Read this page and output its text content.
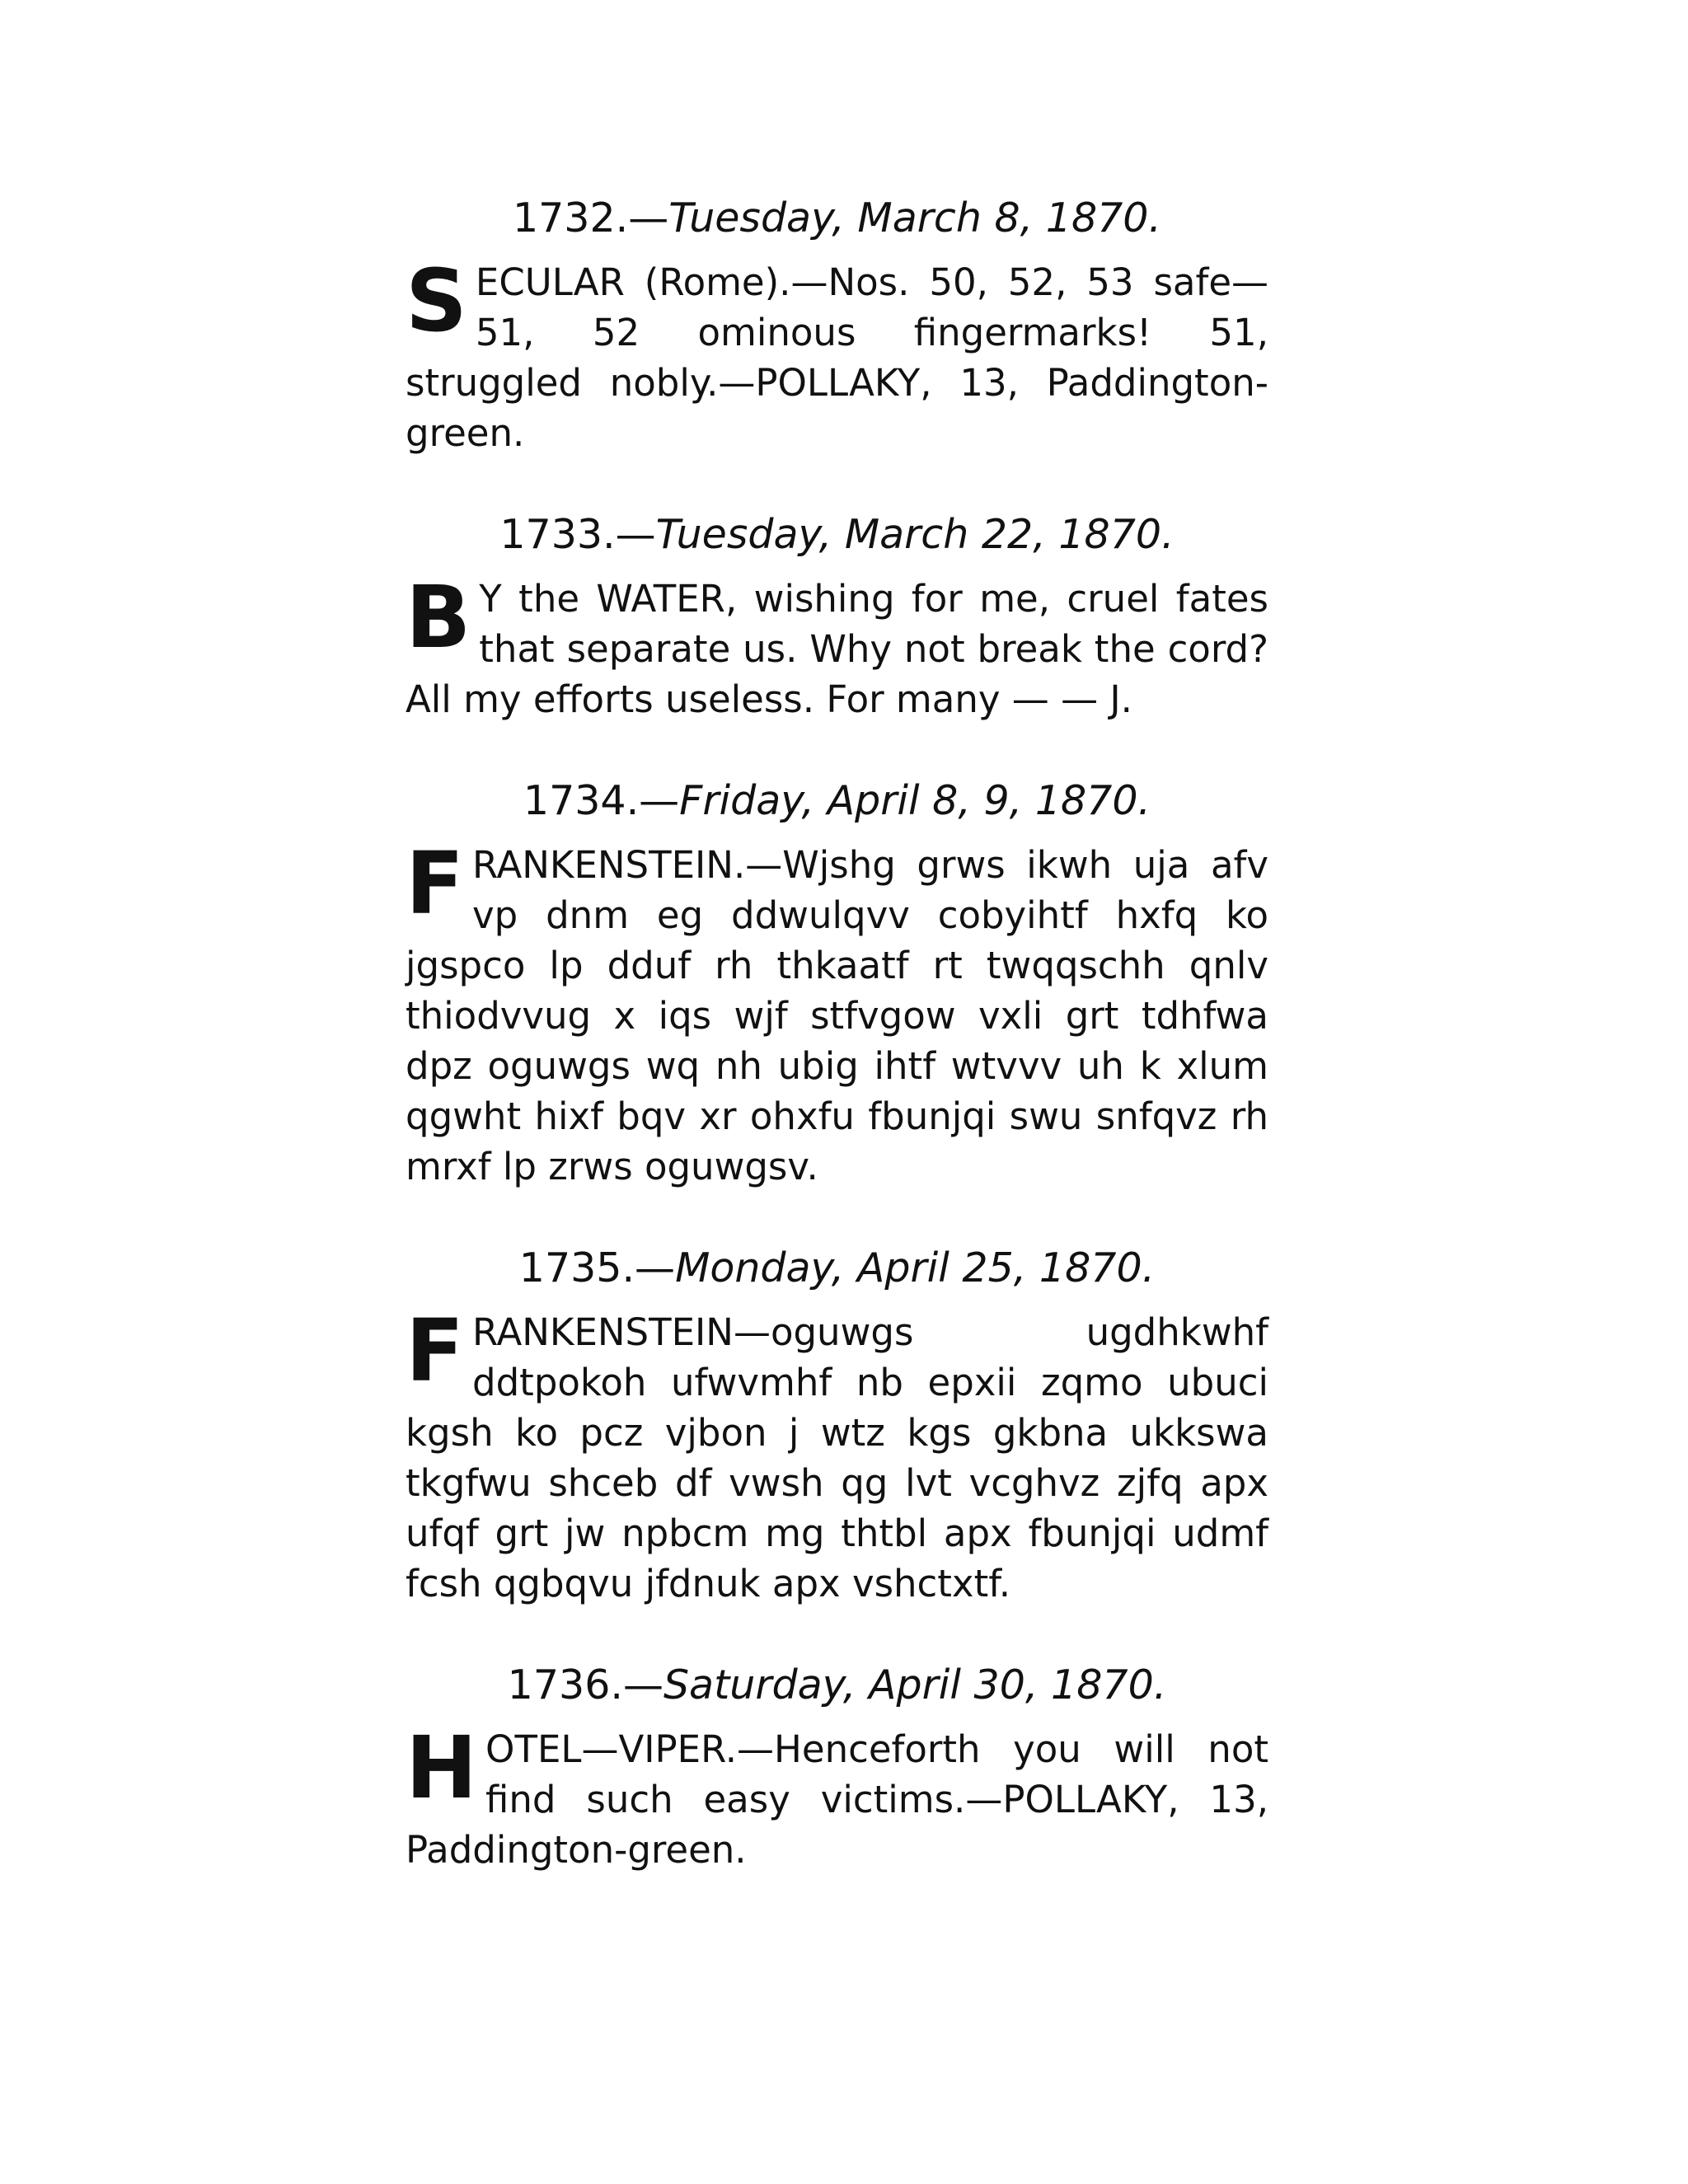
1732.—Tuesday, March 8, 1870.
SECULAR (Rome).—Nos. 50, 52, 53 safe—51, 52 ominous fingermarks! 51, struggled nobly.—POLLAKY, 13, Paddington-green.
1733.—Tuesday, March 22, 1870.
B Y the WATER, wishing for me, cruel fates that separate us. Why not break the cord? All my efforts useless. For many — — J.
1734.—Friday, April 8, 9, 1870.
FRANKENSTEIN.—Wjshg grws ikwh uja afv vp dnm eg ddwulqvv cobyihtf hxfq ko jgspco lp dduf rh thkaatf rt twqqschh qnlv thiodvvug x iqs wjf stfvgow vxli grt tdhfwa dpz oguwgs wq nh ubig ihtf wtvvv uh k xlum qgwht hixf bqv xr ohxfu fbunjqi swu snfqvz rh mrxf lp zrws oguwgsv.
1735.—Monday, April 25, 1870.
FRANKENSTEIN—oguwgs ugdhkwhf ddtpokoh ufwvmhf nb epxii zqmo ubuci kgsh ko pcz vjbon j wtz kgs gkbna ukkswa tkgfwu shceb df vwsh qg lvt vcghvz zjfq apx ufqf grt jw npbcm mg thtbl apx fbunjqi udmf fcsh qgbqvu jfdnuk apx vshctxtf.
1736.—Saturday, April 30, 1870.
HOTEL—VIPER.—Henceforth you will not find such easy victims.—POLLAKY, 13, Paddington-green.
